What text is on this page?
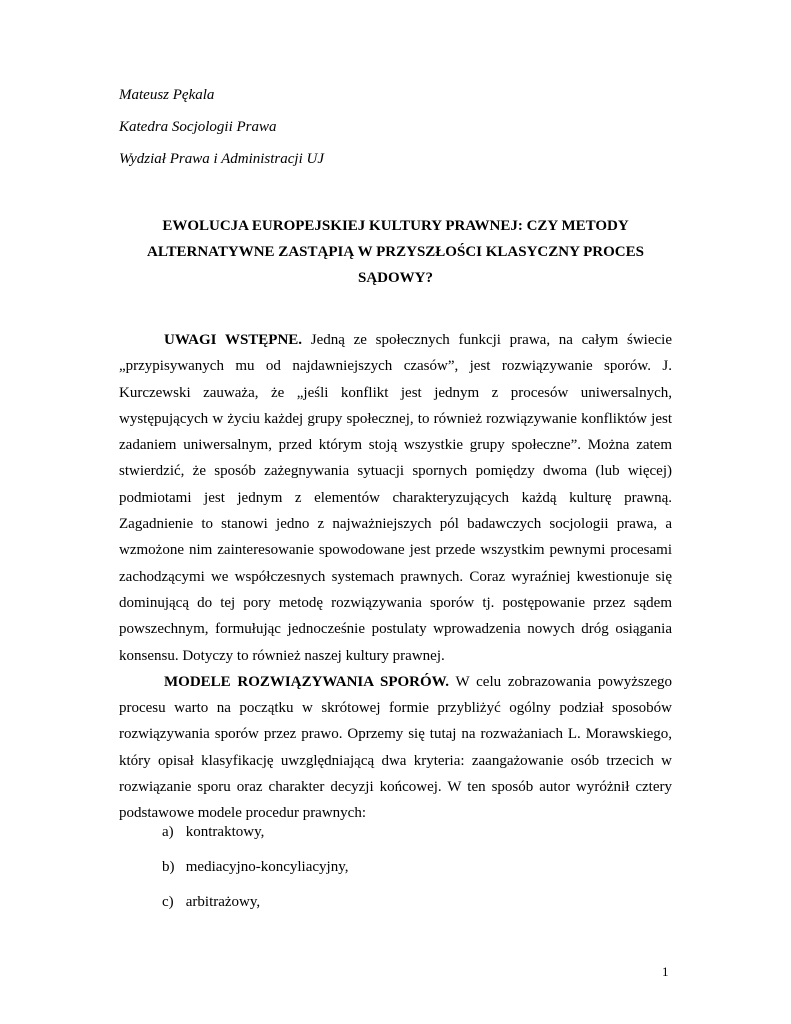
Mateusz Pękala
Katedra Socjologii Prawa
Wydział Prawa i Administracji UJ
EWOLUCJA EUROPEJSKIEJ KULTURY PRAWNEJ: CZY METODY ALTERNATYWNE ZASTĄPIĄ W PRZYSZŁOŚCI KLASYCZNY PROCES SĄDOWY?

UWAGI WSTĘPNE. Jedną ze społecznych funkcji prawa, na całym świecie „przypisywanych mu od najdawniejszych czasów”, jest rozwiązywanie sporów. J. Kurczewski zauważa, że „jeśli konflikt jest jednym z procesów uniwersalnych, występujących w życiu każdej grupy społecznej, to również rozwiązywanie konfliktów jest zadaniem uniwersalnym, przed którym stoją wszystkie grupy społeczne”. Można zatem stwierdzić, że sposób zażegnywania sytuacji spornych pomiędzy dwoma (lub więcej) podmiotami jest jednym z elementów charakteryzujących każdą kulturę prawną. Zagadnienie to stanowi jedno z najważniejszych pól badawczych socjologii prawa, a wzmożone nim zainteresowanie spowodowane jest przede wszystkim pewnymi procesami zachodzącymi we współczesnych systemach prawnych. Coraz wyraźniej kwestionuje się dominującą do tej pory metodę rozwiązywania sporów tj. postępowanie przez sądem powszechnym, formułując jednocześnie postulaty wprowadzenia nowych dróg osiągania konsensu. Dotyczy to również naszej kultury prawnej.

MODELE ROZWIĄZYWANIA SPORÓW. W celu zobrazowania powyższego procesu warto na początku w skrótowej formie przybliżyć ogólny podział sposobów rozwiązywania sporów przez prawo. Oprzemy się tutaj na rozważaniach L. Morawskiego, który opisał klasyfikację uwzględniającą dwa kryteria: zaangażowanie osób trzecich w rozwiązanie sporu oraz charakter decyzji końcowej. W ten sposób autor wyróżnił cztery podstawowe modele procedur prawnych:

a) kontraktowy,
b) mediacyjno-koncyliacyjny,
c) arbitrażowy,
1
